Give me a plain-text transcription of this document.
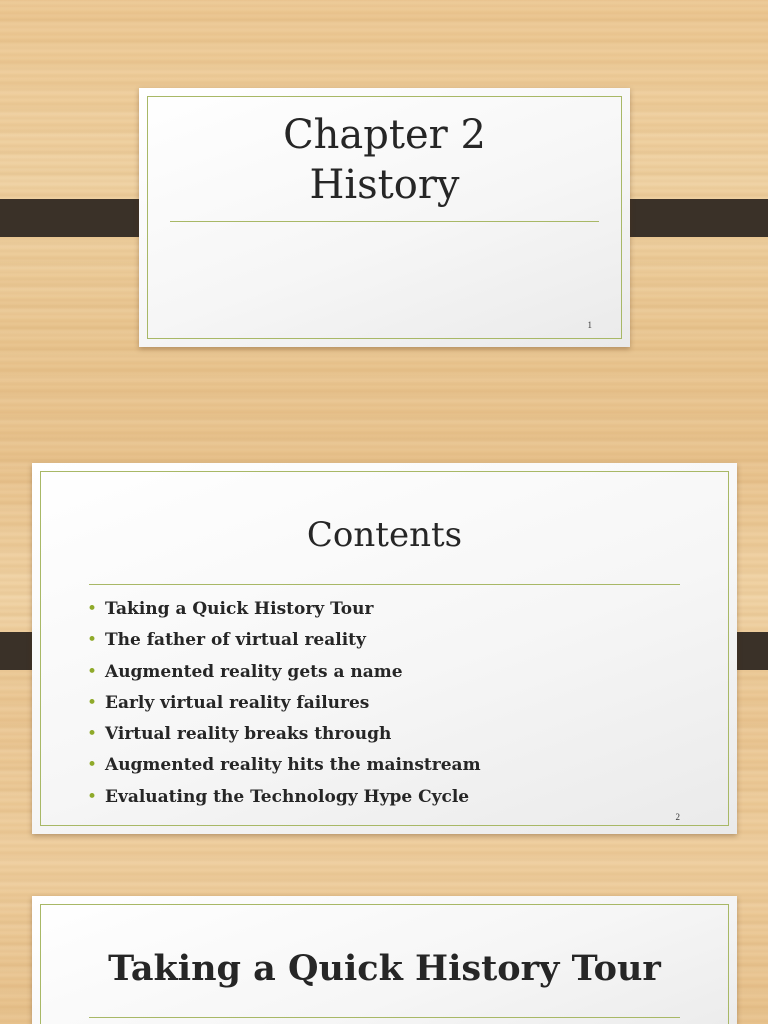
Chapter 2
History
1
Contents
• Taking a Quick History Tour
• The father of virtual reality
• Augmented reality gets a name
• Early virtual reality failures
• Virtual reality breaks through
• Augmented reality hits the mainstream
• Evaluating the Technology Hype Cycle
2
Taking a Quick History Tour
